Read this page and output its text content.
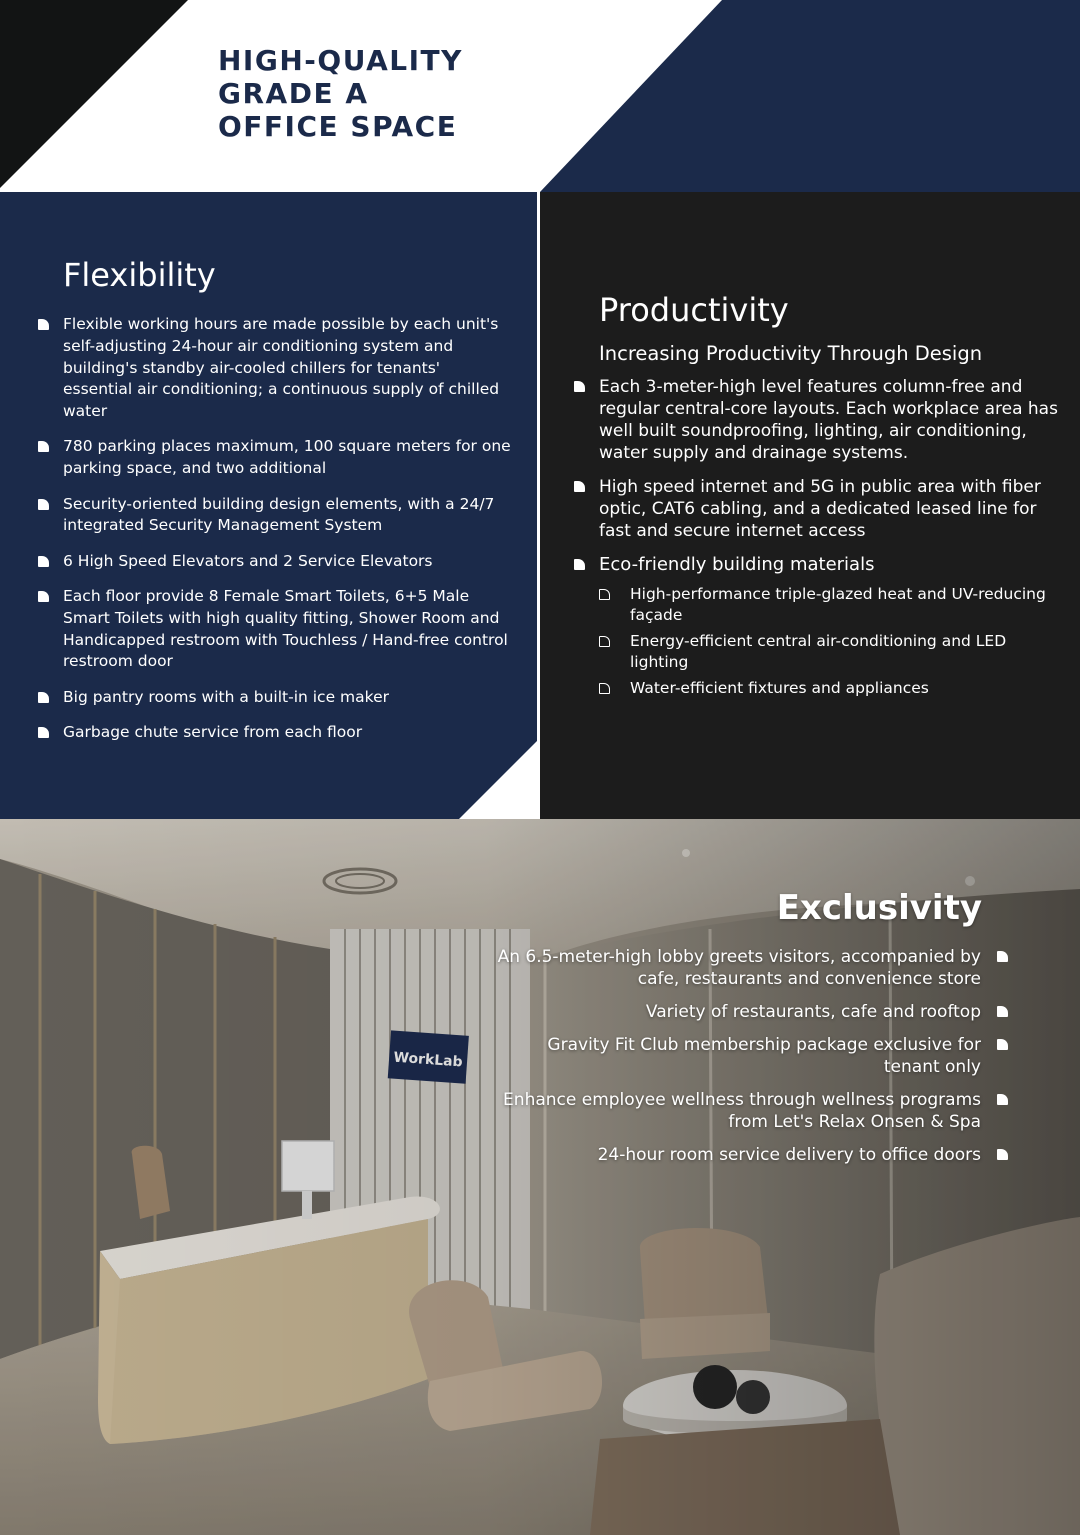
HIGH-QUALITY
GRADE A
OFFICE SPACE
Flexibility
Flexible working hours are made possible by each unit's self-adjusting 24-hour air conditioning system and building's standby air-cooled chillers for tenants' essential air conditioning; a continuous supply of chilled water
780 parking places maximum, 100 square meters for one parking space, and two additional
Security-oriented building design elements, with a 24/7 integrated Security Management System
6 High Speed Elevators and 2 Service Elevators
Each floor provide 8 Female Smart Toilets, 6+5 Male Smart Toilets with high quality fitting, Shower Room and Handicapped restroom with Touchless / Hand-free control restroom door
Big pantry rooms with a built-in ice maker
Garbage chute service from each floor
Productivity
Increasing Productivity Through Design
Each 3-meter-high level features column-free and regular central-core layouts. Each workplace area has well built soundproofing, lighting, air conditioning, water supply and drainage systems.
High speed internet and 5G in public area with fiber optic, CAT6 cabling, and a dedicated leased line for fast and secure internet access
Eco-friendly building materials
High-performance triple-glazed heat and UV-reducing façade
Energy-efficient central air-conditioning and LED lighting
Water-efficient fixtures and appliances
Exclusivity
An 6.5-meter-high lobby greets visitors, accompanied by cafe, restaurants and convenience store
Variety of restaurants, cafe and rooftop
Gravity Fit Club membership package exclusive for tenant only
Enhance employee wellness through wellness programs from Let's Relax Onsen & Spa
24-hour room service delivery to office doors
